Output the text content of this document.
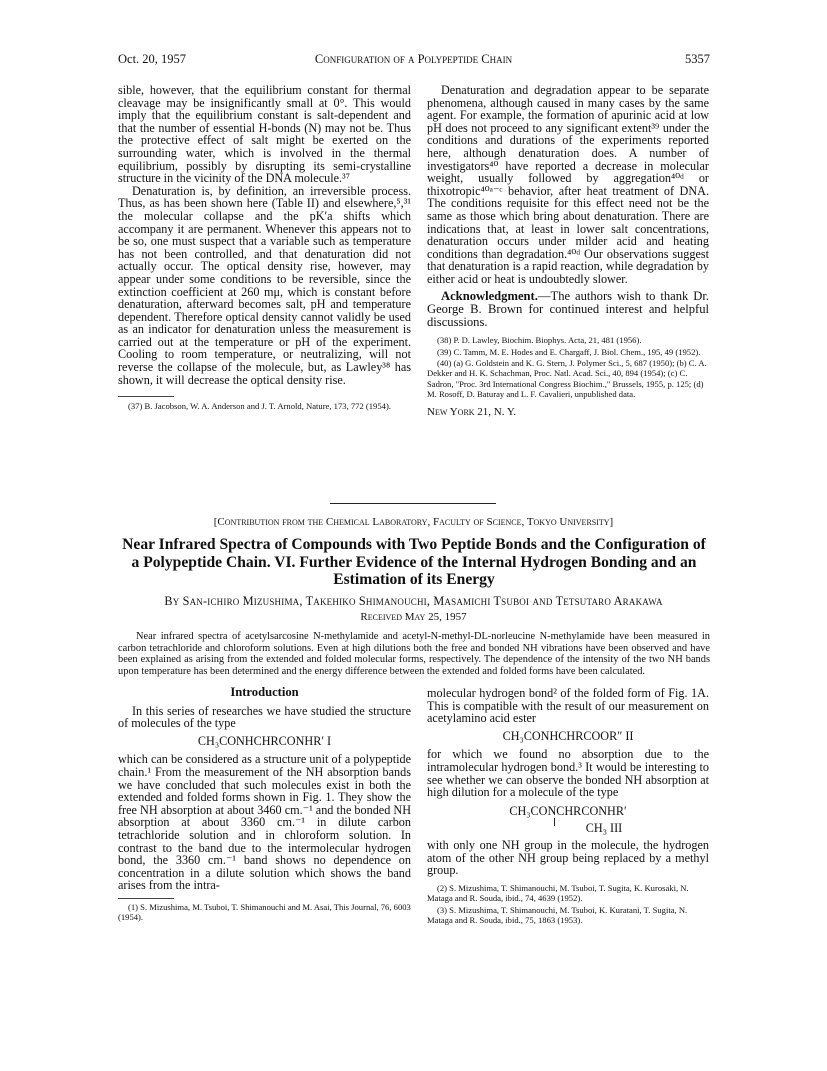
Oct. 20, 1957	Configuration of a Polypeptide Chain	5357

sible, however, that the equilibrium constant for thermal cleavage may be insignificantly small at 0°. This would imply that the equilibrium constant is salt-dependent and that the number of essential H-bonds (N) may not be. Thus the protective effect of salt might be exerted on the surrounding water, which is involved in the thermal equilibrium, possibly by disrupting its semi-crystalline structure in the vicinity of the DNA molecule.³⁷

Denaturation is, by definition, an irreversible process. Thus, as has been shown here (Table II) and elsewhere,⁵,³¹ the molecular collapse and the pK′a shifts which accompany it are permanent. Whenever this appears not to be so, one must suspect that a variable such as temperature has not been controlled, and that denaturation did not actually occur. The optical density rise, however, may appear under some conditions to be reversible, since the extinction coefficient at 260 mμ, which is constant before denaturation, afterward becomes salt, pH and temperature dependent. Therefore optical density cannot validly be used as an indicator for denaturation unless the measurement is carried out at the temperature or pH of the experiment. Cooling to room temperature, or neutralizing, will not reverse the collapse of the molecule, but, as Lawley³⁸ has shown, it will decrease the optical density rise.

(37) B. Jacobson, W. A. Anderson and J. T. Arnold, Nature, 173, 772 (1954).

Denaturation and degradation appear to be separate phenomena, although caused in many cases by the same agent. For example, the formation of apurinic acid at low pH does not proceed to any significant extent³⁹ under the conditions and durations of the experiments reported here, although denaturation does. A number of investigators⁴⁰ have reported a decrease in molecular weight, usually followed by aggregation⁴⁰ᵈ or thixotropic⁴⁰ᵃ⁻ᶜ behavior, after heat treatment of DNA. The conditions requisite for this effect need not be the same as those which bring about denaturation. There are indications that, at least in lower salt concentrations, denaturation occurs under milder acid and heating conditions than degradation.⁴⁰ᵈ Our observations suggest that denaturation is a rapid reaction, while degradation by either acid or heat is undoubtedly slower.

Acknowledgment.—The authors wish to thank Dr. George B. Brown for continued interest and helpful discussions.

(38) P. D. Lawley, Biochim. Biophys. Acta, 21, 481 (1956).

(39) C. Tamm, M. E. Hodes and E. Chargaff, J. Biol. Chem., 195, 49 (1952).

(40) (a) G. Goldstein and K. G. Stern, J. Polymer Sci., 5, 687 (1950); (b) C. A. Dekker and H. K. Schachman, Proc. Natl. Acad. Sci., 40, 894 (1954); (c) C. Sadron, "Proc. 3rd International Congress Biochim.," Brussels, 1955, p. 125; (d) M. Rosoff, D. Baturay and L. F. Cavalieri, unpublished data.

New York 21, N. Y.
[Contribution from the Chemical Laboratory, Faculty of Science, Tokyo University]
Near Infrared Spectra of Compounds with Two Peptide Bonds and the Configuration of a Polypeptide Chain. VI. Further Evidence of the Internal Hydrogen Bonding and an Estimation of its Energy
By San-ichiro Mizushima, Takehiko Shimanouchi, Masamichi Tsuboi and Tetsutaro Arakawa
Received May 25, 1957

Near infrared spectra of acetylsarcosine N-methylamide and acetyl-N-methyl-DL-norleucine N-methylamide have been measured in carbon tetrachloride and chloroform solutions. Even at high dilutions both the free and bonded NH vibrations have been observed and have been explained as arising from the extended and folded molecular forms, respectively. The dependence of the intensity of the two NH bands upon temperature has been determined and the energy difference between the extended and folded forms have been calculated.

Introduction

In this series of researches we have studied the structure of molecules of the type

CH₃CONHCHRCONHR′ I

which can be considered as a structure unit of a polypeptide chain.¹ From the measurement of the NH absorption bands we have concluded that such molecules exist in both the extended and folded forms shown in Fig. 1. They show the free NH absorption at about 3460 cm.⁻¹ and the bonded NH absorption at about 3360 cm.⁻¹ in dilute carbon tetrachloride solution and in chloroform solution. In contrast to the band due to the intermolecular hydrogen bond, the 3360 cm.⁻¹ band shows no dependence on concentration in a dilute solution which shows the band arises from the intra-

(1) S. Mizushima, M. Tsuboi, T. Shimanouchi and M. Asai, This Journal, 76, 6003 (1954).

molecular hydrogen bond² of the folded form of Fig. 1A. This is compatible with the result of our measurement on acetylamino acid ester

CH₃CONHCHRCOOR″ II

for which we found no absorption due to the intramolecular hydrogen bond.³ It would be interesting to see whether we can observe the bonded NH absorption at high dilution for a molecule of the type

CH₃CONCHRCONHR′
CH₃ III

with only one NH group in the molecule, the hydrogen atom of the other NH group being replaced by a methyl group.

(2) S. Mizushima, T. Shimanouchi, M. Tsuboi, T. Sugita, K. Kurosaki, N. Mataga and R. Souda, ibid., 74, 4639 (1952).

(3) S. Mizushima, T. Shimanouchi, M. Tsuboi, K. Kuratani, T. Sugita, N. Mataga and R. Souda, ibid., 75, 1863 (1953).
